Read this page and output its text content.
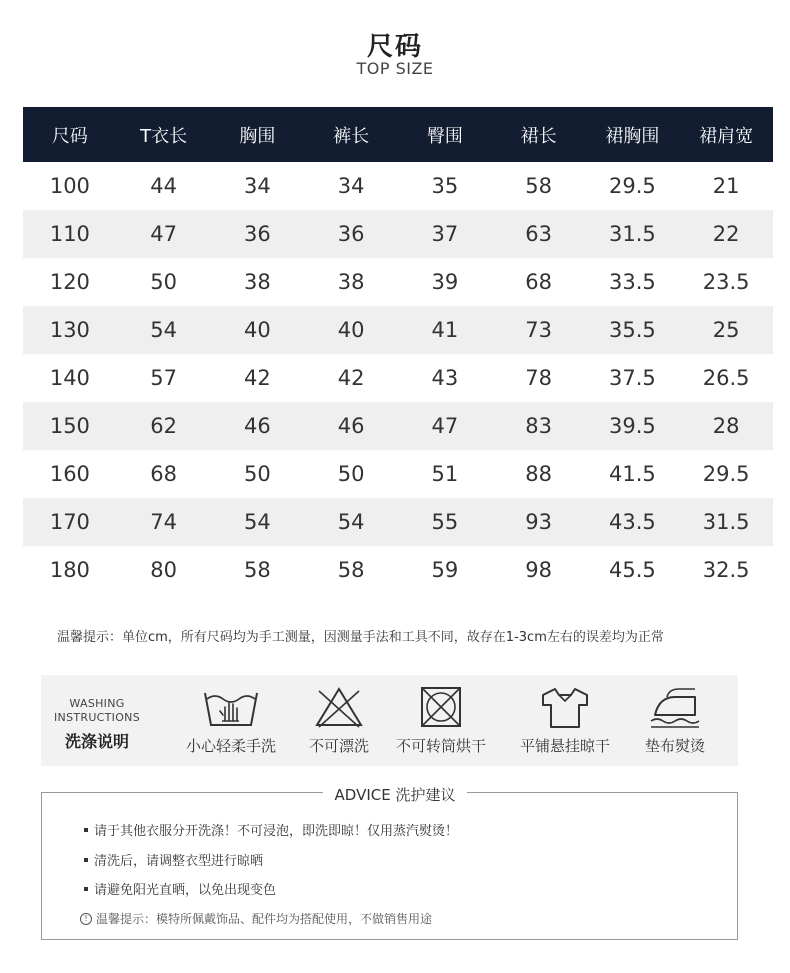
尺码
TOP SIZE
尺码	T衣长	胸围	裤长	臀围	裙长	裙胸围	裙肩宽
100	44	34	34	35	58	29.5	21
110	47	36	36	37	63	31.5	22
120	50	38	38	39	68	33.5	23.5
130	54	40	40	41	73	35.5	25
140	57	42	42	43	78	37.5	26.5
150	62	46	46	47	83	39.5	28
160	68	50	50	51	88	41.5	29.5
170	74	54	54	55	93	43.5	31.5
180	80	58	58	59	98	45.5	32.5
温馨提示：单位cm，所有尺码均为手工测量，因测量手法和工具不同，故存在1-3cm左右的误差均为正常
WASHING
INSTRUCTIONS
洗涤说明	小心轻柔手洗	不可漂洗	不可转筒烘干	平铺悬挂晾干	垫布熨烫
ADVICE 洗护建议
请于其他衣服分开洗涤！不可浸泡，即洗即晾！仅用蒸汽熨烫！
清洗后，请调整衣型进行晾晒
请避免阳光直晒，以免出现变色
! 温馨提示：模特所佩戴饰品、配件均为搭配使用，不做销售用途
